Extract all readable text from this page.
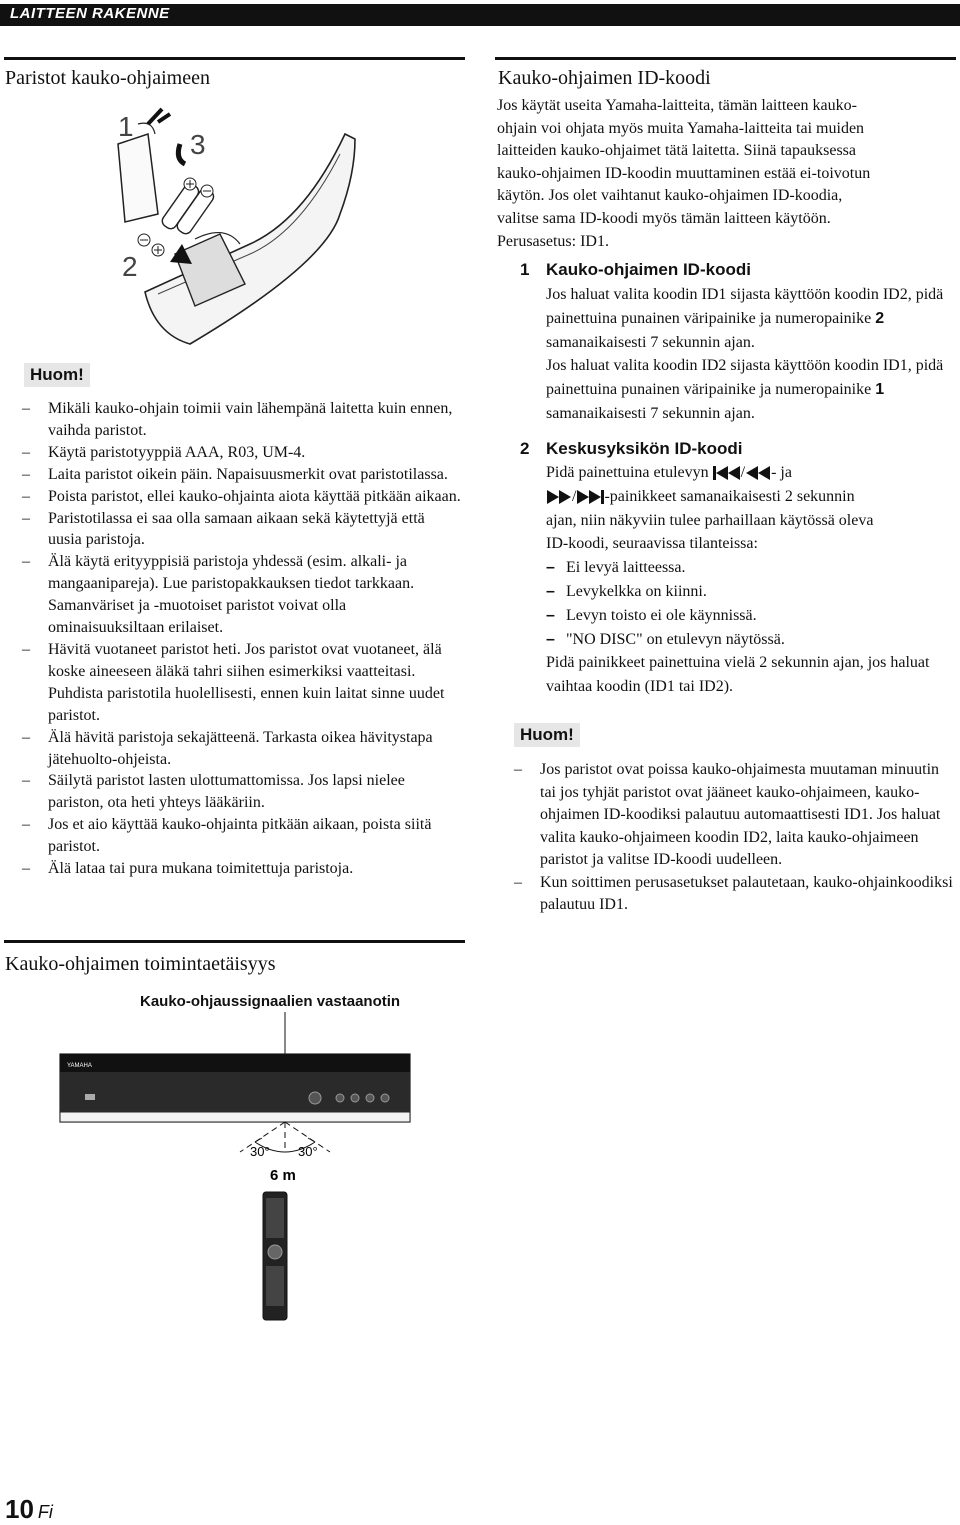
LAITTEEN RAKENNE
Paristot kauko-ohjaimeen
1
2
3
Huom!
– Mikäli kauko-ohjain toimii vain lähempänä laitetta kuin ennen, vaihda paristot.
– Käytä paristotyyppiä AAA, R03, UM-4.
– Laita paristot oikein päin. Napaisuusmerkit ovat paristotilassa.
– Poista paristot, ellei kauko-ohjainta aiota käyttää pitkään aikaan.
– Paristotilassa ei saa olla samaan aikaan sekä käytettyjä että uusia paristoja.
– Älä käytä erityyppisiä paristoja yhdessä (esim. alkali- ja mangaanipareja). Lue paristopakkauksen tiedot tarkkaan. Samanväriset ja -muotoiset paristot voivat olla ominaisuuksiltaan erilaiset.
– Hävitä vuotaneet paristot heti. Jos paristot ovat vuotaneet, älä koske aineeseen äläkä tahri siihen esimerkiksi vaatteitasi. Puhdista paristotila huolellisesti, ennen kuin laitat sinne uudet paristot.
– Älä hävitä paristoja sekajätteenä. Tarkasta oikea hävitystapa jätehuolto-ohjeista.
– Säilytä paristot lasten ulottumattomissa. Jos lapsi nielee pariston, ota heti yhteys lääkäriin.
– Jos et aio käyttää kauko-ohjainta pitkään aikaan, poista siitä paristot.
– Älä lataa tai pura mukana toimitettuja paristoja.
Kauko-ohjaimen toimintaetäisyys
Kauko-ohjaussignaalien vastaanotin
YAMAHA
30° 30°
6 m
Kauko-ohjaimen ID-koodi
Jos käytät useita Yamaha-laitteita, tämän laitteen kauko-
ohjain voi ohjata myös muita Yamaha-laitteita tai muiden
laitteiden kauko-ohjaimet tätä laitetta. Siinä tapauksessa
kauko-ohjaimen ID-koodin muuttaminen estää ei-toivotun
käytön. Jos olet vaihtanut kauko-ohjaimen ID-koodia,
valitse sama ID-koodi myös tämän laitteen käytöön.
Perusasetus: ID1.
1 Kauko-ohjaimen ID-koodi
Jos haluat valita koodin ID1 sijasta käyttöön koodin ID2, pidä painettuina punainen väripainike ja numeropainike 2 samanaikaisesti 7 sekunnin ajan.
Jos haluat valita koodin ID2 sijasta käyttöön koodin ID1, pidä painettuina punainen väripainike ja numeropainike 1 samanaikaisesti 7 sekunnin ajan.
2 Keskusyksikön ID-koodi
Pidä painettuina etulevyn / - ja
/ -painikkeet samanaikaisesti 2 sekunnin
ajan, niin näkyviin tulee parhaillaan käytössä oleva
ID-koodi, seuraavissa tilanteissa:
– Ei levyä laitteessa.
– Levykelkka on kiinni.
– Levyn toisto ei ole käynnissä.
– "NO DISC" on etulevyn näytössä.
Pidä painikkeet painettuina vielä 2 sekunnin ajan, jos haluat vaihtaa koodin (ID1 tai ID2).
Huom!
– Jos paristot ovat poissa kauko-ohjaimesta muutaman minuutin tai jos tyhjät paristot ovat jääneet kauko-ohjaimeen, kauko-ohjaimen ID-koodiksi palautuu automaattisesti ID1. Jos haluat valita kauko-ohjaimeen koodin ID2, laita kauko-ohjaimeen paristot ja valitse ID-koodi uudelleen.
– Kun soittimen perusasetukset palautetaan, kauko-ohjainkoodiksi palautuu ID1.
10 Fi
